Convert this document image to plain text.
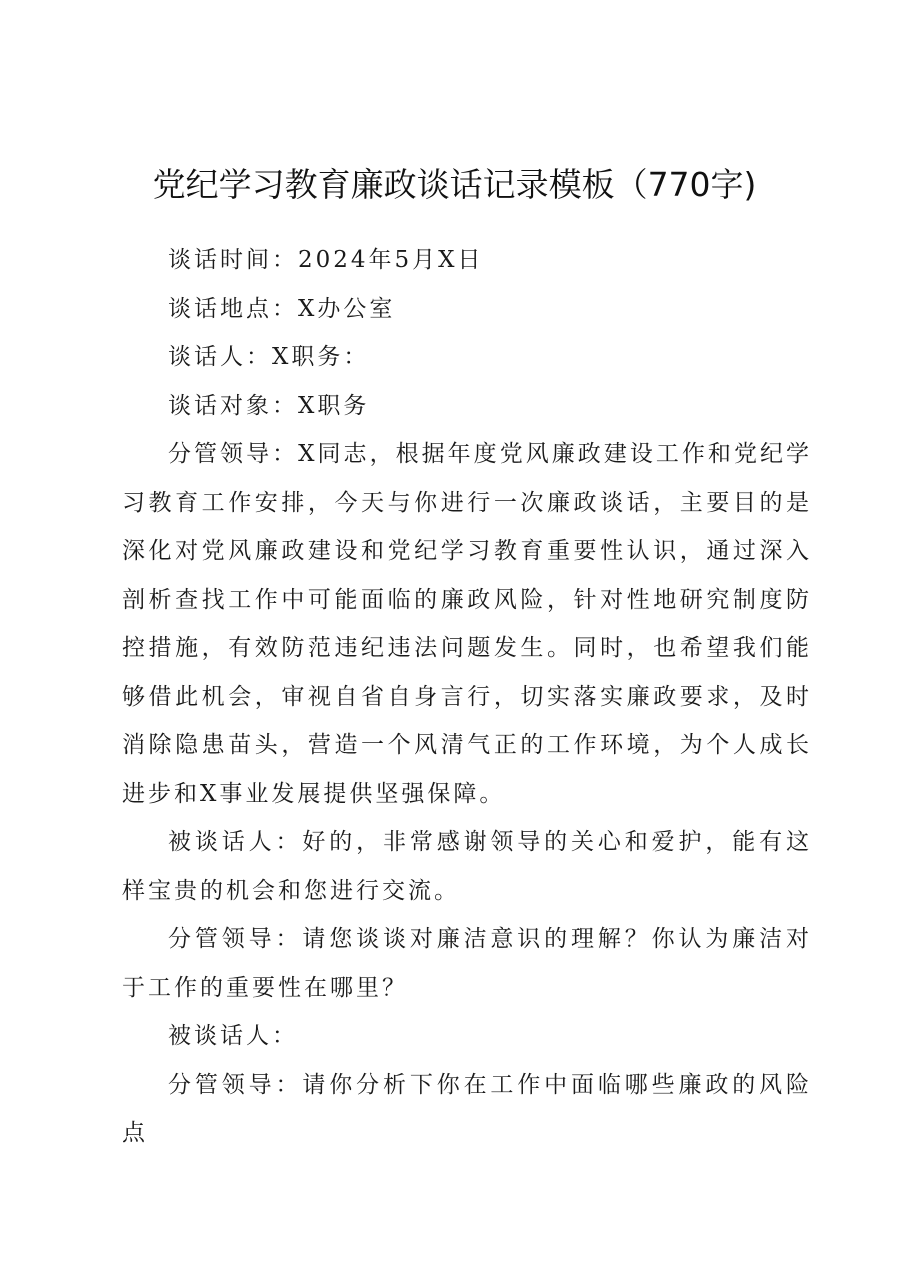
党纪学习教育廉政谈话记录模板（770字)

谈话时间：2024年5月X日

谈话地点：X办公室

谈话人：X职务：

谈话对象：X职务

分管领导：X同志，根据年度党风廉政建设工作和党纪学习教育工作安排，今天与你进行一次廉政谈话，主要目的是深化对党风廉政建设和党纪学习教育重要性认识，通过深入剖析查找工作中可能面临的廉政风险，针对性地研究制度防控措施，有效防范违纪违法问题发生。同时，也希望我们能够借此机会，审视自省自身言行，切实落实廉政要求，及时消除隐患苗头，营造一个风清气正的工作环境，为个人成长进步和X事业发展提供坚强保障。

被谈话人：好的，非常感谢领导的关心和爱护，能有这样宝贵的机会和您进行交流。

分管领导：请您谈谈对廉洁意识的理解？你认为廉洁对于工作的重要性在哪里？

被谈话人：

分管领导：请你分析下你在工作中面临哪些廉政的风险点
